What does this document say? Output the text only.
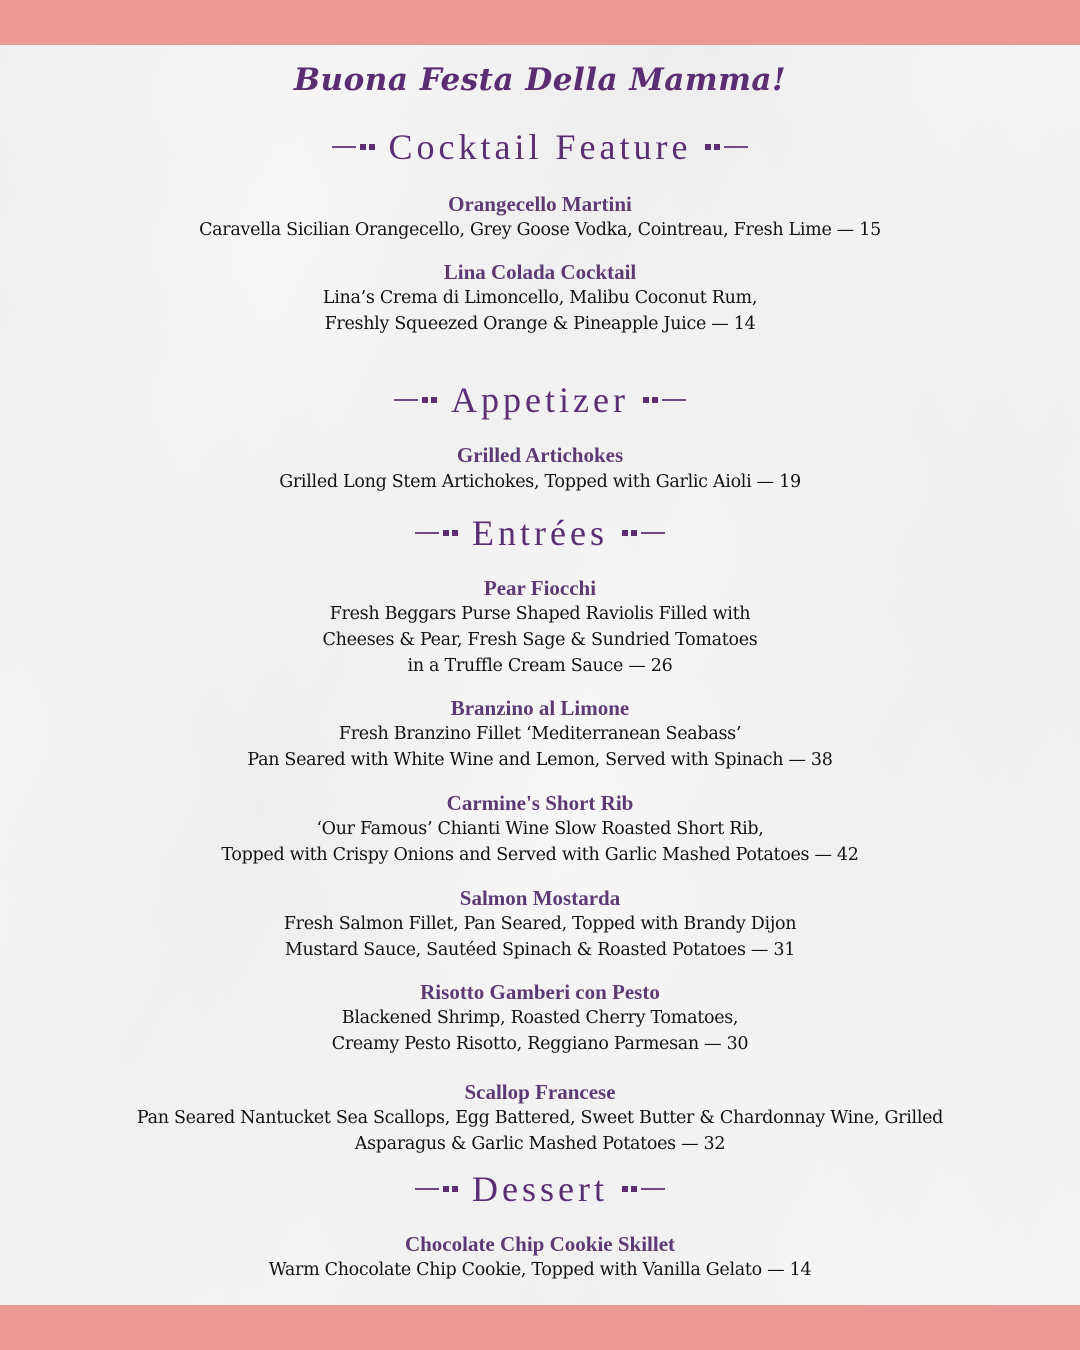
Buona Festa Della Mamma!
Cocktail Feature

Orangecello Martini

Caravella Sicilian Orangecello, Grey Goose Vodka, Cointreau, Fresh Lime — 15

Lina Colada Cocktail

Lina’s Crema di Limoncello, Malibu Coconut Rum,

Freshly Squeezed Orange & Pineapple Juice — 14

Appetizer

Grilled Artichokes

Grilled Long Stem Artichokes, Topped with Garlic Aioli — 19

Entrées

Pear Fiocchi

Fresh Beggars Purse Shaped Raviolis Filled with

Cheeses & Pear, Fresh Sage & Sundried Tomatoes

in a Truffle Cream Sauce — 26

Branzino al Limone

Fresh Branzino Fillet ‘Mediterranean Seabass’

Pan Seared with White Wine and Lemon, Served with Spinach — 38

Carmine's Short Rib

‘Our Famous’ Chianti Wine Slow Roasted Short Rib,

Topped with Crispy Onions and Served with Garlic Mashed Potatoes — 42

Salmon Mostarda

Fresh Salmon Fillet, Pan Seared, Topped with Brandy Dijon

Mustard Sauce, Sautéed Spinach & Roasted Potatoes — 31

Risotto Gamberi con Pesto

Blackened Shrimp, Roasted Cherry Tomatoes,

Creamy Pesto Risotto, Reggiano Parmesan — 30

Scallop Francese

Pan Seared Nantucket Sea Scallops, Egg Battered, Sweet Butter & Chardonnay Wine, Grilled

Asparagus & Garlic Mashed Potatoes — 32

Dessert

Chocolate Chip Cookie Skillet

Warm Chocolate Chip Cookie, Topped with Vanilla Gelato — 14
